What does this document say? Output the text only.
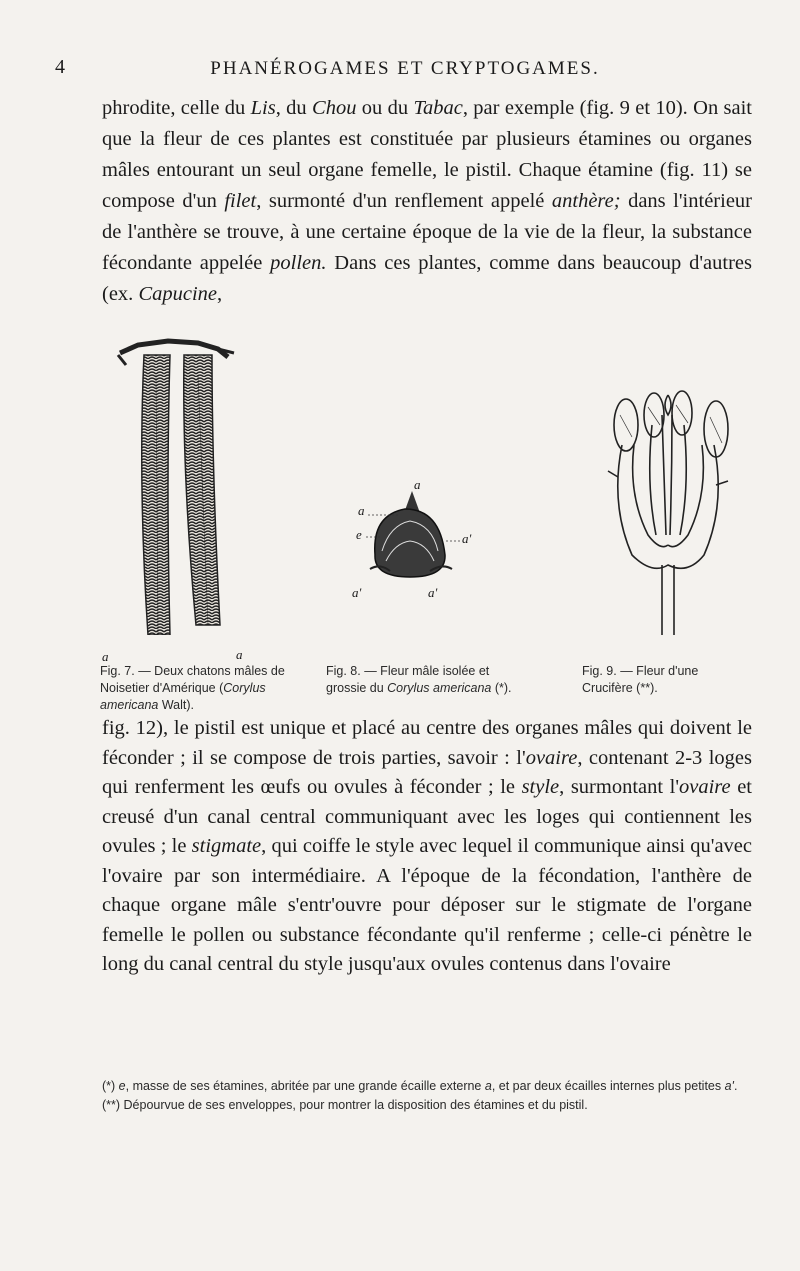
4	PHANÉROGAMES ET CRYPTOGAMES.

phrodite, celle du Lis, du Chou ou du Tabac, par exemple (fig. 9 et 10). On sait que la fleur de ces plantes est constituée par plusieurs étamines ou organes mâles entourant un seul organe femelle, le pistil. Chaque étamine (fig. 11) se compose d'un filet, surmonté d'un renflement appelé anthère; dans l'intérieur de l'anthère se trouve, à une certaine époque de la vie de la fleur, la substance fécondante appelée pollen. Dans ces plantes, comme dans beaucoup d'autres (ex. Capucine,

a	a
a
a
e	a'
a'	a'
Fig. 7. — Deux chatons mâles de Noisetier d'Amérique (Corylus americana Walt).
Fig. 8. — Fleur mâle isolée et grossie du Corylus americana (*).
Fig. 9. — Fleur d'une Crucifère (**).

fig. 12), le pistil est unique et placé au centre des organes mâles qui doivent le féconder ; il se compose de trois parties, savoir : l'ovaire, contenant 2-3 loges qui renferment les œufs ou ovules à féconder ; le style, surmontant l'ovaire et creusé d'un canal central communiquant avec les loges qui contiennent les ovules ; le stigmate, qui coiffe le style avec lequel il communique ainsi qu'avec l'ovaire par son intermédiaire. A l'époque de la fécondation, l'anthère de chaque organe mâle s'entr'ouvre pour déposer sur le stigmate de l'organe femelle le pollen ou substance fécondante qu'il renferme ; celle-ci pénètre le long du canal central du style jusqu'aux ovules contenus dans l'ovaire

(*) e, masse de ses étamines, abritée par une grande écaille externe a, et par deux écailles internes plus petites a'.

(**) Dépourvue de ses enveloppes, pour montrer la disposition des étamines et du pistil.
